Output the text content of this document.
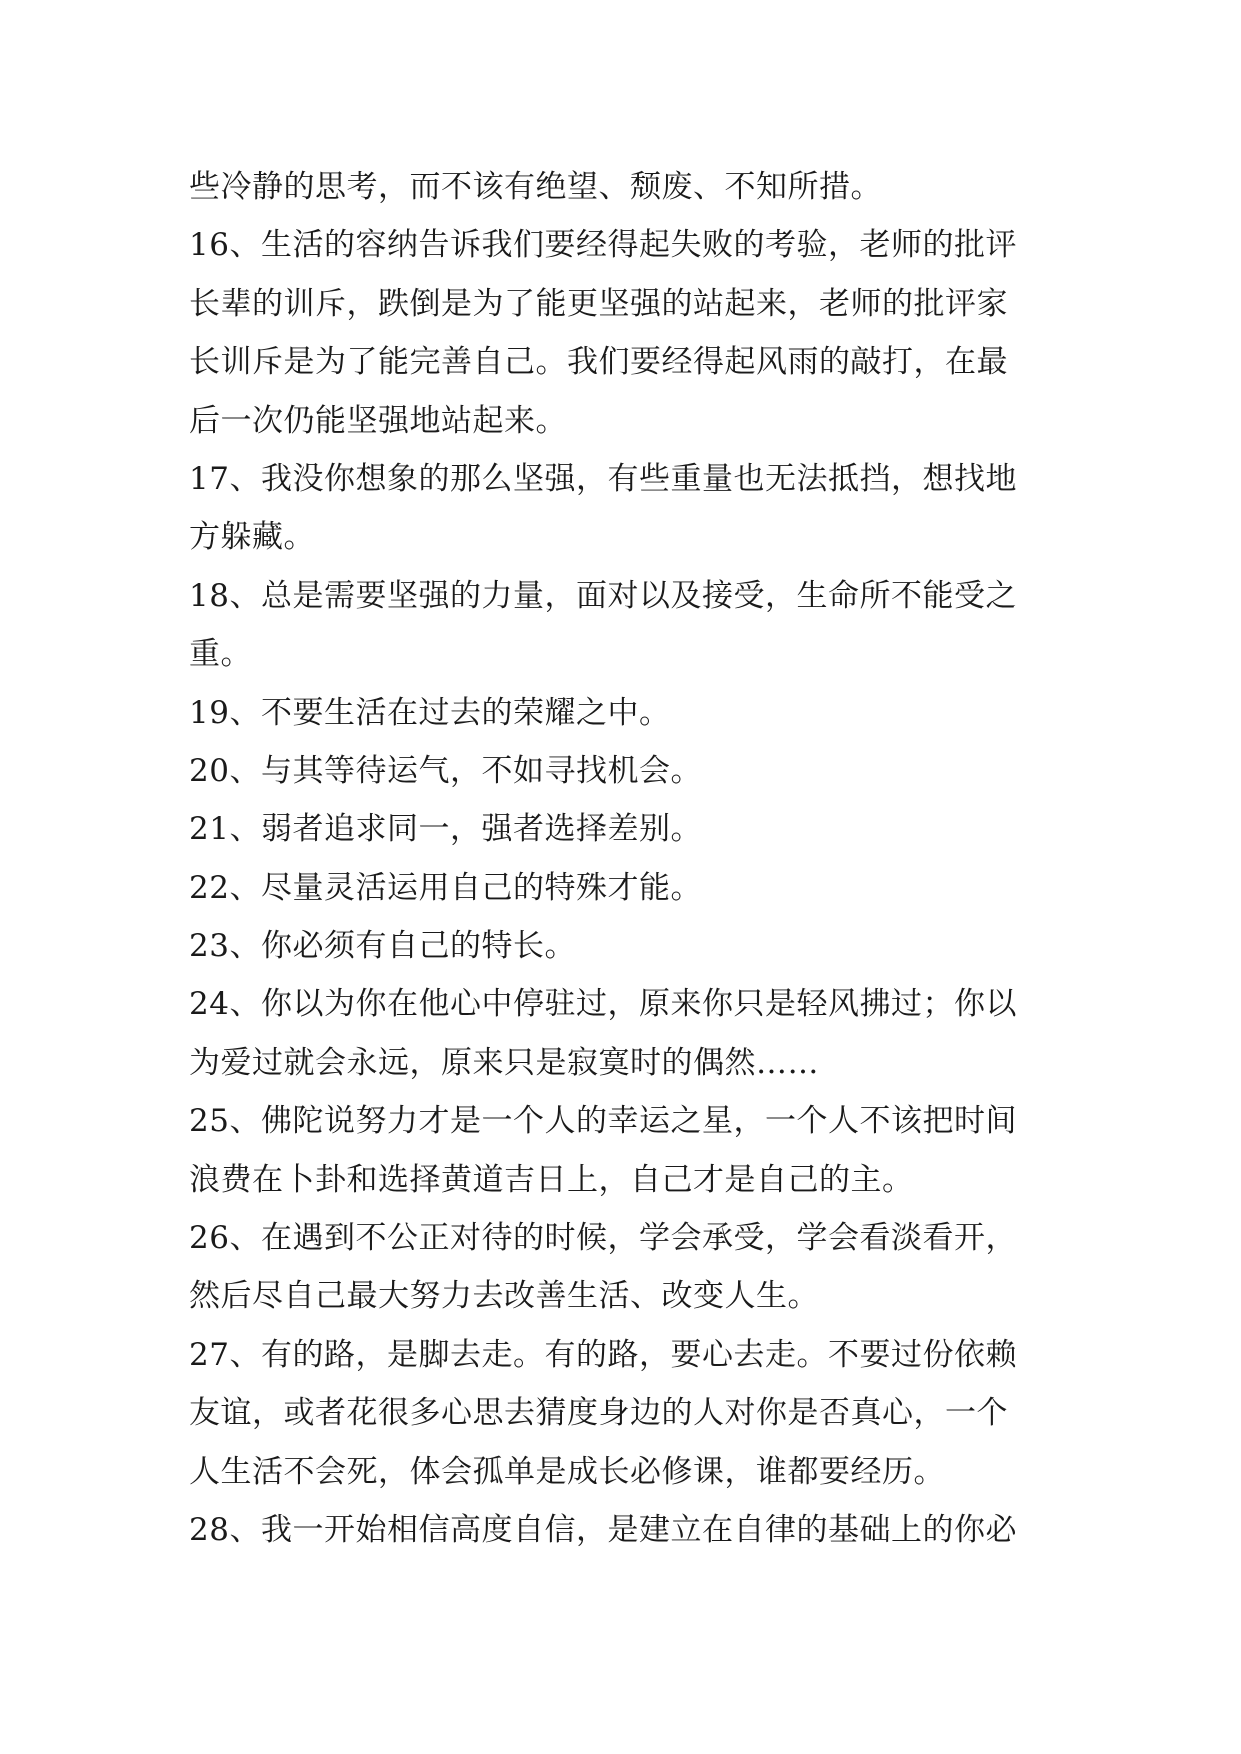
些冷静的思考，而不该有绝望、颓废、不知所措。
16、生活的容纳告诉我们要经得起失败的考验，老师的批评
长辈的训斥，跌倒是为了能更坚强的站起来，老师的批评家
长训斥是为了能完善自己。我们要经得起风雨的敲打，在最
后一次仍能坚强地站起来。
17、我没你想象的那么坚强，有些重量也无法抵挡，想找地
方躲藏。
18、总是需要坚强的力量，面对以及接受，生命所不能受之
重。
19、不要生活在过去的荣耀之中。
20、与其等待运气，不如寻找机会。
21、弱者追求同一，强者选择差别。
22、尽量灵活运用自己的特殊才能。
23、你必须有自己的特长。
24、你以为你在他心中停驻过，原来你只是轻风拂过；你以
为爱过就会永远，原来只是寂寞时的偶然……
25、佛陀说努力才是一个人的幸运之星，一个人不该把时间
浪费在卜卦和选择黄道吉日上，自己才是自己的主。
26、在遇到不公正对待的时候，学会承受，学会看淡看开，
然后尽自己最大努力去改善生活、改变人生。
27、有的路，是脚去走。有的路，要心去走。不要过份依赖
友谊，或者花很多心思去猜度身边的人对你是否真心，一个
人生活不会死，体会孤单是成长必修课，谁都要经历。
28、我一开始相信高度自信，是建立在自律的基础上的你必
